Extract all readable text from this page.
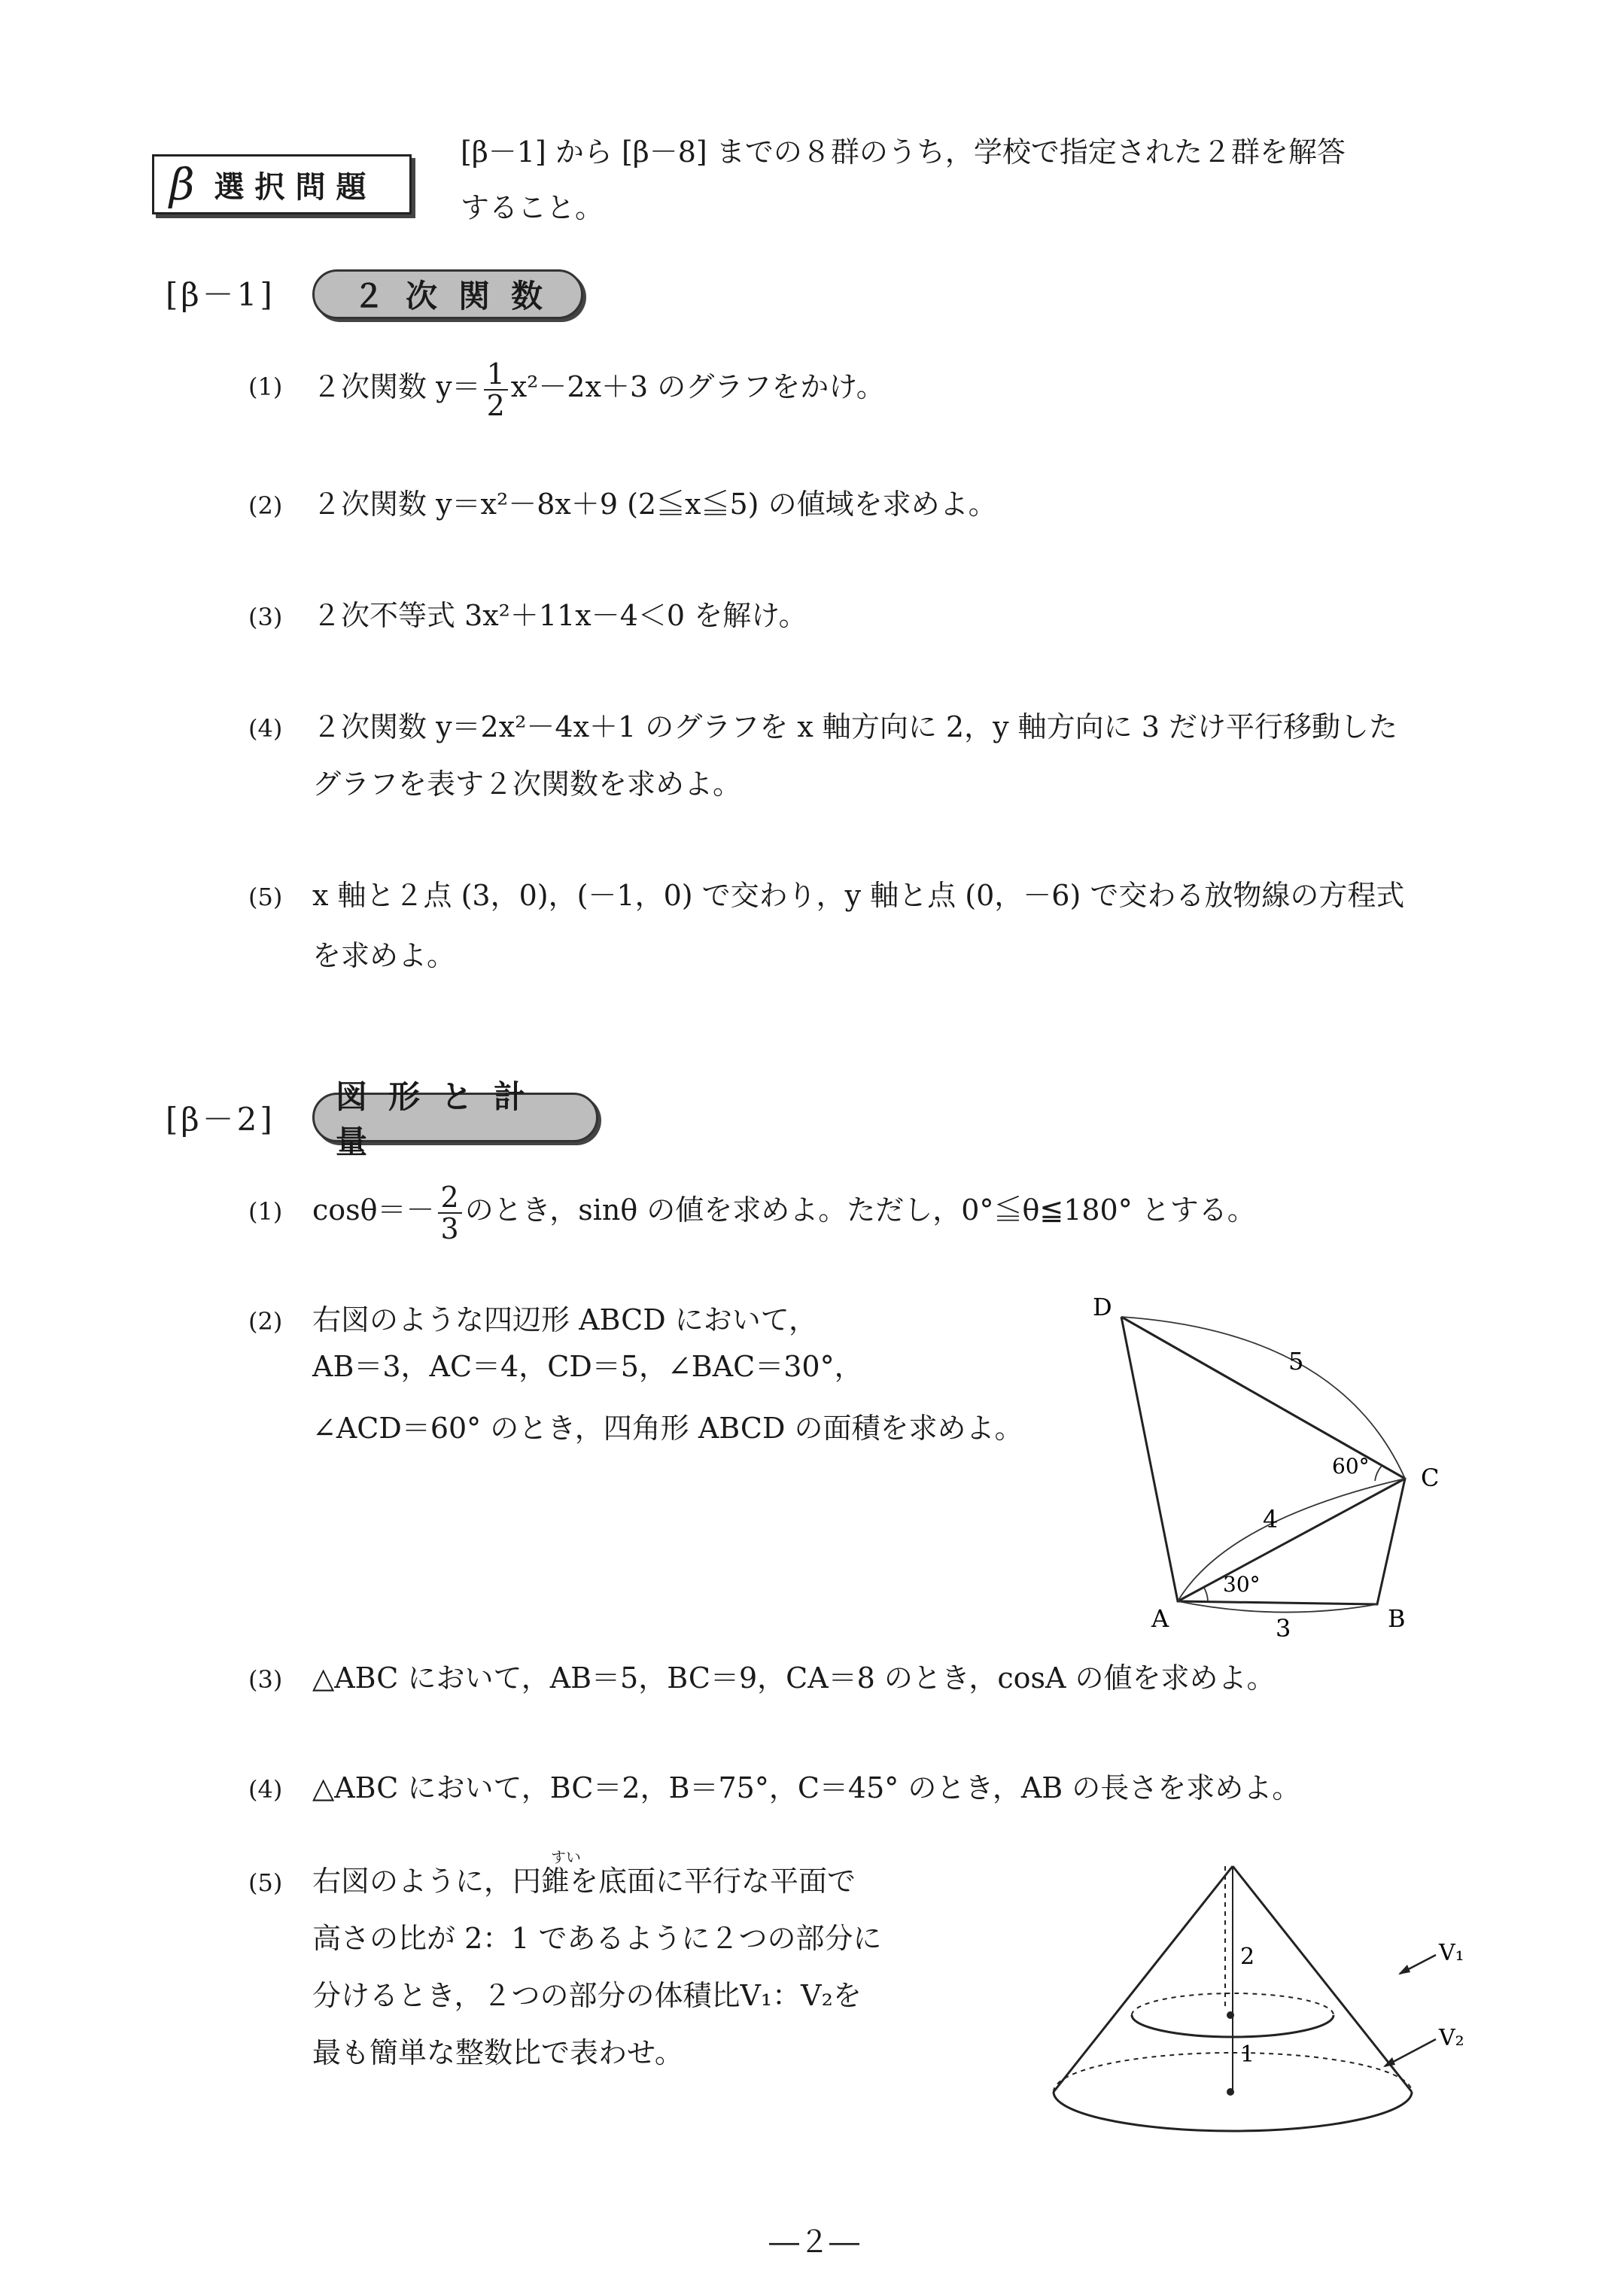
β 選択問題
[β－1] から [β－8] までの８群のうち，学校で指定された２群を解答
すること。
[β－1] ２次関数
(1) ２次関数 $y= \frac{1}{2} x^2-2x+3$ のグラフをかけ。
(2) ２次関数 y＝x²－8x＋9 (2≦x≦5) の値域を求めよ。
(3) ２次不等式 3x²＋11x－4＜0 を解け。
(4) ２次関数 y＝2x²－4x＋1 のグラフを x 軸方向に 2，y 軸方向に 3 だけ平行移動した
グラフを表す２次関数を求めよ。
(5) x 軸と２点 (3，0)，(－1，0) で交わり，y 軸と点 (0，－6) で交わる放物線の方程式
を求めよ。
[β－2]
図形と計量
(1) $\cos\theta=- \frac{2}{3}$ のとき，sinθ の値を求めよ。ただし，0°≦θ≦180° とする。
(2) 右図のような四辺形 ABCD において，
AB＝3，AC＝4，CD＝5，∠BAC＝30°，
∠ACD＝60° のとき，四角形 ABCD の面積を求めよ。
D
C
A	B
5
4
3
60°
30°
(3) △ABC において，AB＝5，BC＝9，CA＝8 のとき，cosA の値を求めよ。
(4) △ABC において，BC＝2，B＝75°，C＝45° のとき，AB の長さを求めよ。
(5)
すい
右図のように，円錐を底面に平行な平面で
高さの比が 2：1 であるように２つの部分に
分けるとき，２つの部分の体積比V₁：V₂を
最も簡単な整数比で表わせ。
2
1
V₁
V₂
―２―
